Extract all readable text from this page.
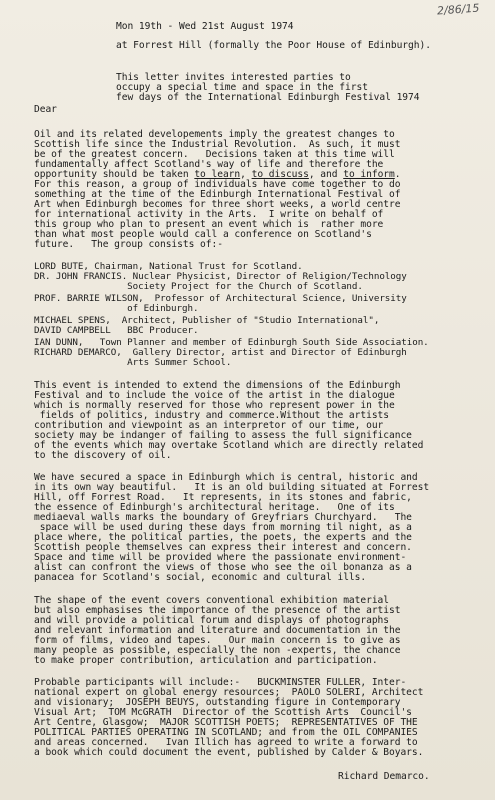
2/86/15
Mon 19th - Wed 21st August 1974
at Forrest Hill (formally the Poor House of Edinburgh).
This letter invites interested parties to
occupy a special time and space in the first
few days of the International Edinburgh Festival 1974
Dear
Oil and its related developements imply the greatest changes to
Scottish life since the Industrial Revolution.  As such, it must
be of the greatest concern.   Decisions taken at this time will
fundamentally affect Scotland's way of life and therefore the
opportunity should be taken to learn, to discuss, and to inform.
For this reason, a group of individuals have come together to do
something at the time of the Edinburgh International Festival of
Art when Edinburgh becomes for three short weeks, a world centre
for international activity in the Arts.  I write on behalf of
this group who plan to present an event which is  rather more
than what most people would call a conference on Scotland's
future.   The group consists of:-
LORD BUTE, Chairman, National Trust for Scotland.
DR. JOHN FRANCIS. Nuclear Physicist, Director of Religion/Technology
Society Project for the Church of Scotland.
PROF. BARRIE WILSON,  Professor of Architectural Science, University
of Edinburgh.
MICHAEL SPENS,  Architect, Publisher of "Studio International",
DAVID CAMPBELL   BBC Producer.
IAN DUNN,   Town Planner and member of Edinburgh South Side Association.
RICHARD DEMARCO,  Gallery Director, artist and Director of Edinburgh
Arts Summer School.
This event is intended to extend the dimensions of the Edinburgh
Festival and to include the voice of the artist in the dialogue
which is normally reserved for those who represent power in the
fields of politics, industry and commerce.Without the artists
contribution and viewpoint as an interpretor of our time, our
society may be indanger of failing to assess the full significance
of the events which may overtake Scotland which are directly related
to the discovery of oil.
We have secured a space in Edinburgh which is central, historic and
in its own way beautiful.   It is an old building situated at Forrest
Hill, off Forrest Road.   It represents, in its stones and fabric,
the essence of Edinburgh's architectural heritage.   One of its
mediaeval walls marks the boundary of Greyfriars Churchyard.   The
space will be used during these days from morning til night, as a
place where, the political parties, the poets, the experts and the
Scottish people themselves can express their interest and concern.
Space and time will be provided where the passionate environment-
alist can confront the views of those who see the oil bonanza as a
panacea for Scotland's social, economic and cultural ills.
The shape of the event covers conventional exhibition material
but also emphasises the importance of the presence of the artist
and will provide a political forum and displays of photographs
and relevant information and literature and documentation in the
form of films, video and tapes.   Our main concern is to give as
many people as possible, especially the non -experts, the chance
to make proper contribution, articulation and participation.
Probable participants will include:-   BUCKMINSTER FULLER, Inter-
national expert on global energy resources;  PAOLO SOLERI, Architect
and visionary;  JOSEPH BEUYS, outstanding figure in Contemporary
Visual Art;  TOM McGRATH  Director of the Scottish Arts  Council's
Art Centre, Glasgow;  MAJOR SCOTTISH POETS;  REPRESENTATIVES OF THE
POLITICAL PARTIES OPERATING IN SCOTLAND; and from the OIL COMPANIES
and areas concerned.   Ivan Illich has agreed to write a forward to
a book which could document the event, published by Calder & Boyars.
Richard Demarco.
